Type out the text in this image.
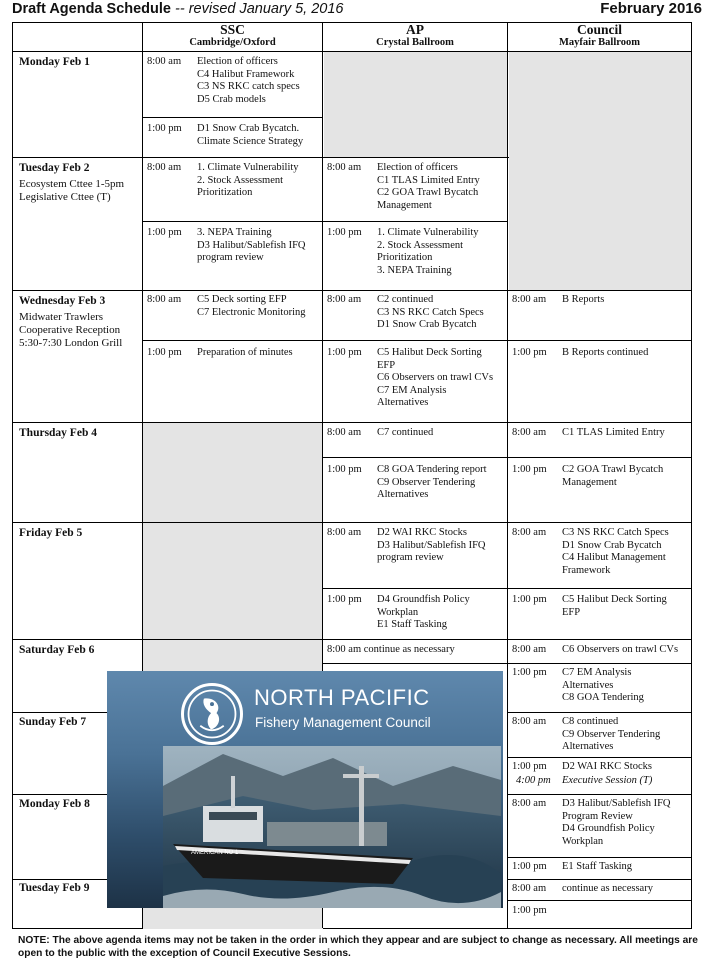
Draft Agenda Schedule -- revised January 5, 2016	February 2016
SSC
Cambridge/Oxford
AP
Crystal Ballroom
Council
Mayfair Ballroom
Monday Feb 1
Tuesday Feb 2
Ecosystem Cttee 1-5pm
Legislative Cttee (T)
Wednesday Feb 3
Midwater Trawlers
Cooperative Reception
5:30-7:30 London Grill
Thursday Feb 4
Friday Feb 5
Saturday Feb 6
Sunday Feb 7
Monday Feb 8
Tuesday Feb 9
8:00 am Election of officers
C4 Halibut Framework
C3 NS RKC catch specs
D5 Crab models
1:00 pm D1 Snow Crab Bycatch.
Climate Science Strategy
8:00 am 1. Climate Vulnerability
2. Stock Assessment
Prioritization
1:00 pm 3. NEPA Training
D3 Halibut/Sablefish IFQ
program review
8:00 am C5 Deck sorting EFP
C7 Electronic Monitoring
1:00 pm Preparation of minutes
8:00 am Election of officers
C1 TLAS Limited Entry
C2 GOA Trawl Bycatch
Management
1:00 pm 1. Climate Vulnerability
2. Stock Assessment
Prioritization
3. NEPA Training
8:00 am C2 continued
C3 NS RKC Catch Specs
D1 Snow Crab Bycatch
1:00 pm C5 Halibut Deck Sorting
EFP
C6 Observers on trawl CVs
C7 EM Analysis
Alternatives
8:00 am C7 continued
1:00 pm C8 GOA Tendering report
C9 Observer Tendering
Alternatives
8:00 am D2 WAI RKC Stocks
D3 Halibut/Sablefish IFQ
program review
1:00 pm D4 Groundfish Policy
Workplan
E1 Staff Tasking
8:00 am continue as necessary
8:00 am B Reports
1:00 pm B Reports continued
8:00 am C1 TLAS Limited Entry
1:00 pm C2 GOA Trawl Bycatch
Management
8:00 am C3 NS RKC Catch Specs
D1 Snow Crab Bycatch
C4 Halibut Management
Framework
1:00 pm C5 Halibut Deck Sorting
EFP
8:00 am C6 Observers on trawl CVs
1:00 pm C7 EM Analysis
Alternatives
C8 GOA Tendering
8:00 am C8 continued
C9 Observer Tendering
Alternatives
1:00 pm D2 WAI RKC Stocks
4:00 pm Executive Session (T)
8:00 am D3 Halibut/Sablefish IFQ
Program Review
D4 Groundfish Policy
Workplan
1:00 pm E1 Staff Tasking
8:00 am continue as necessary
1:00 pm
NORTH PACIFIC
Fishery Management Council
AMERICAN NO 1
NOTE: The above agenda items may not be taken in the order in which they appear and are subject to change as necessary. All meetings are open to the public with the exception of Council Executive Sessions.
